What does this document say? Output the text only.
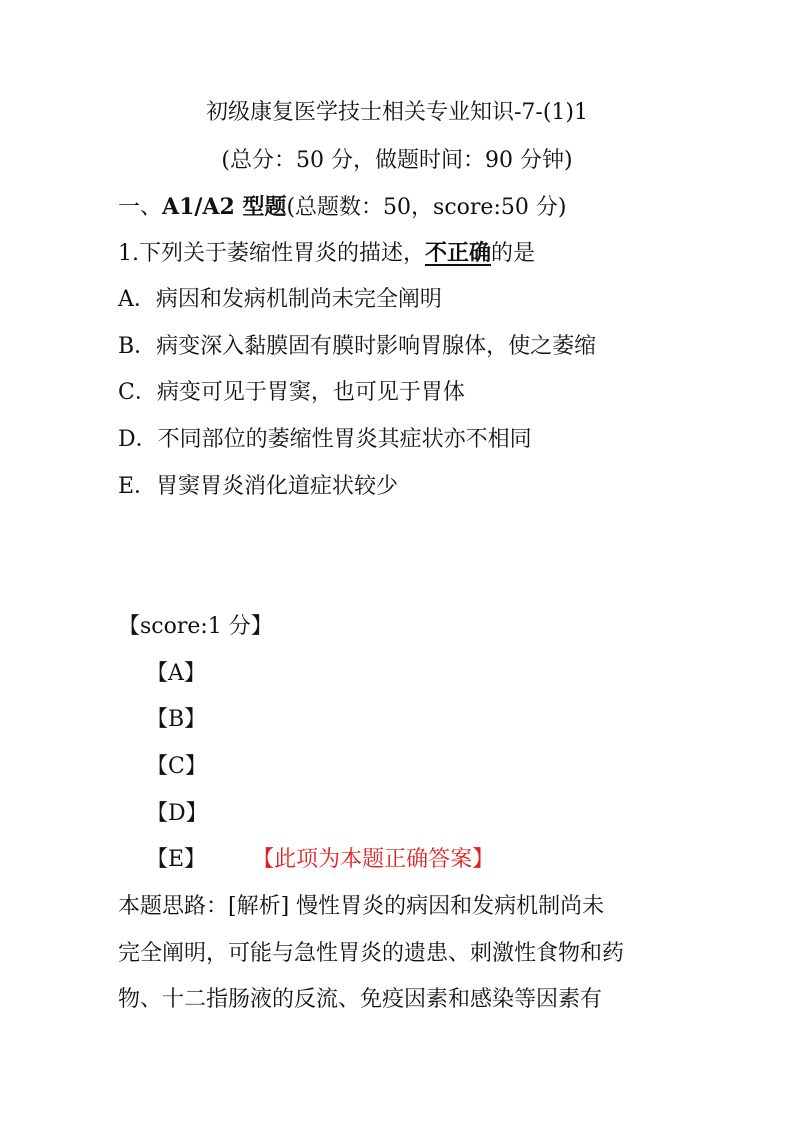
初级康复医学技士相关专业知识-7-(1)1
(总分：50 分，做题时间：90 分钟)
一、A1/A2 型题(总题数：50，score:50 分)
1.下列关于萎缩性胃炎的描述，不正确的是
A．病因和发病机制尚未完全阐明
B．病变深入黏膜固有膜时影响胃腺体，使之萎缩
C．病变可见于胃窦，也可见于胃体
D．不同部位的萎缩性胃炎其症状亦不相同
E．胃窦胃炎消化道症状较少
【score:1 分】
【A】
【B】
【C】
【D】
【E】 【此项为本题正确答案】
本题思路：[解析] 慢性胃炎的病因和发病机制尚未
完全阐明，可能与急性胃炎的遗患、刺激性食物和药
物、十二指肠液的反流、免疫因素和感染等因素有
